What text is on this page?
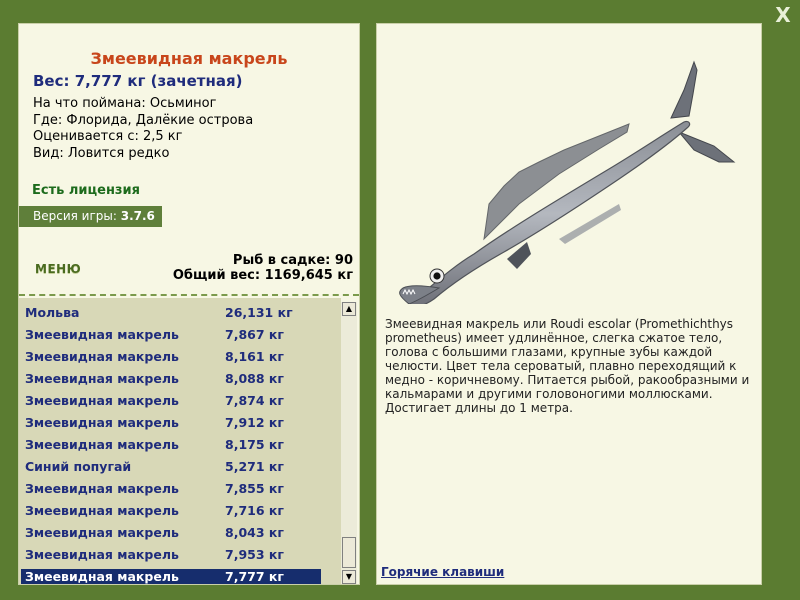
X
Змеевидная макрель
Вес: 7,777 кг (зачетная)
На что поймана: Осьминог
Где: Флорида, Далёкие острова
Оценивается с: 2,5 кг
Вид: Ловится редко
Есть лицензия
Версия игры: 3.7.6
МЕНЮ
Рыб в садке: 90
Общий вес: 1169,645 кг
Мольва	26,131 кг
Змеевидная макрель	7,867 кг
Змеевидная макрель	8,161 кг
Змеевидная макрель	8,088 кг
Змеевидная макрель	7,874 кг
Змеевидная макрель	7,912 кг
Змеевидная макрель	8,175 кг
Синий попугай	5,271 кг
Змеевидная макрель	7,855 кг
Змеевидная макрель	7,716 кг
Змеевидная макрель	8,043 кг
Змеевидная макрель	7,953 кг
Змеевидная макрель	7,777 кг
▲
▼
Змеевидная макрель или Roudi escolar (Promethichthys prometheus) имеет удлинённое, слегка сжатое тело, голова с большими глазами, крупные зубы каждой челюсти. Цвет тела сероватый, плавно переходящий к медно - коричневому. Питается рыбой, ракообразными и кальмарами и другими головоногими моллюсками. Достигает длины до 1 метра.
Горячие клавиши
